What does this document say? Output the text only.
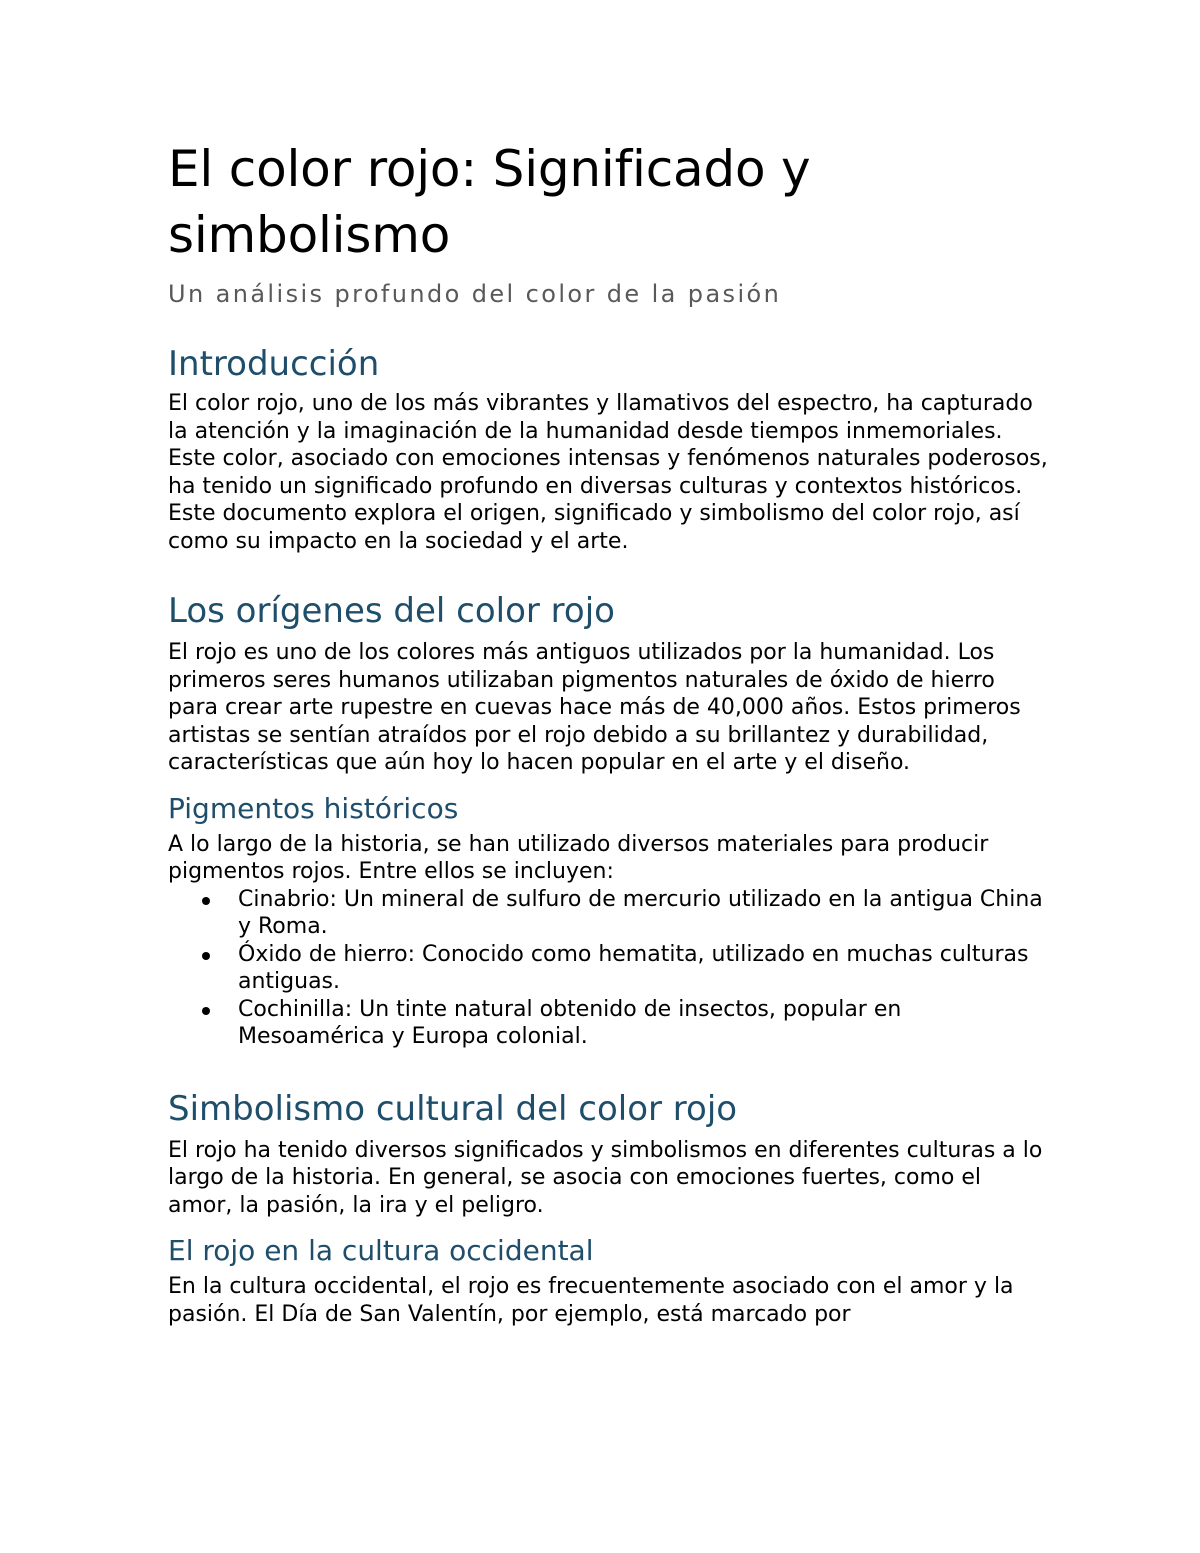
El color rojo: Significado y simbolismo
Un análisis profundo del color de la pasión
Introducción

El color rojo, uno de los más vibrantes y llamativos del espectro, ha capturado la atención y la imaginación de la humanidad desde tiempos inmemoriales. Este color, asociado con emociones intensas y fenómenos naturales poderosos, ha tenido un significado profundo en diversas culturas y contextos históricos. Este documento explora el origen, significado y simbolismo del color rojo, así como su impacto en la sociedad y el arte.

Los orígenes del color rojo

El rojo es uno de los colores más antiguos utilizados por la humanidad. Los primeros seres humanos utilizaban pigmentos naturales de óxido de hierro para crear arte rupestre en cuevas hace más de 40,000 años. Estos primeros artistas se sentían atraídos por el rojo debido a su brillantez y durabilidad, características que aún hoy lo hacen popular en el arte y el diseño.

Pigmentos históricos

A lo largo de la historia, se han utilizado diversos materiales para producir pigmentos rojos. Entre ellos se incluyen:

Cinabrio: Un mineral de sulfuro de mercurio utilizado en la antigua China y Roma.
Óxido de hierro: Conocido como hematita, utilizado en muchas culturas antiguas.
Cochinilla: Un tinte natural obtenido de insectos, popular en Mesoamérica y Europa colonial.
Simbolismo cultural del color rojo

El rojo ha tenido diversos significados y simbolismos en diferentes culturas a lo largo de la historia. En general, se asocia con emociones fuertes, como el amor, la pasión, la ira y el peligro.

El rojo en la cultura occidental

En la cultura occidental, el rojo es frecuentemente asociado con el amor y la pasión. El Día de San Valentín, por ejemplo, está marcado por
